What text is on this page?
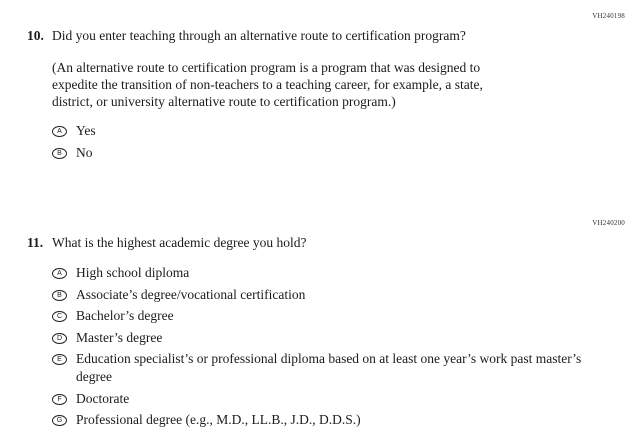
VH240198
10. Did you enter teaching through an alternative route to certification program?
(An alternative route to certification program is a program that was designed to expedite the transition of non-teachers to a teaching career, for example, a state, district, or university alternative route to certification program.)
A	Yes
B	No
VH240200
11. What is the highest academic degree you hold?
A	High school diploma
B	Associate’s degree/vocational certification
C	Bachelor’s degree
D	Master’s degree
E	Education specialist’s or professional diploma based on at least one year’s work past master’s degree
F	Doctorate
G	Professional degree (e.g., M.D., LL.B., J.D., D.D.S.)
